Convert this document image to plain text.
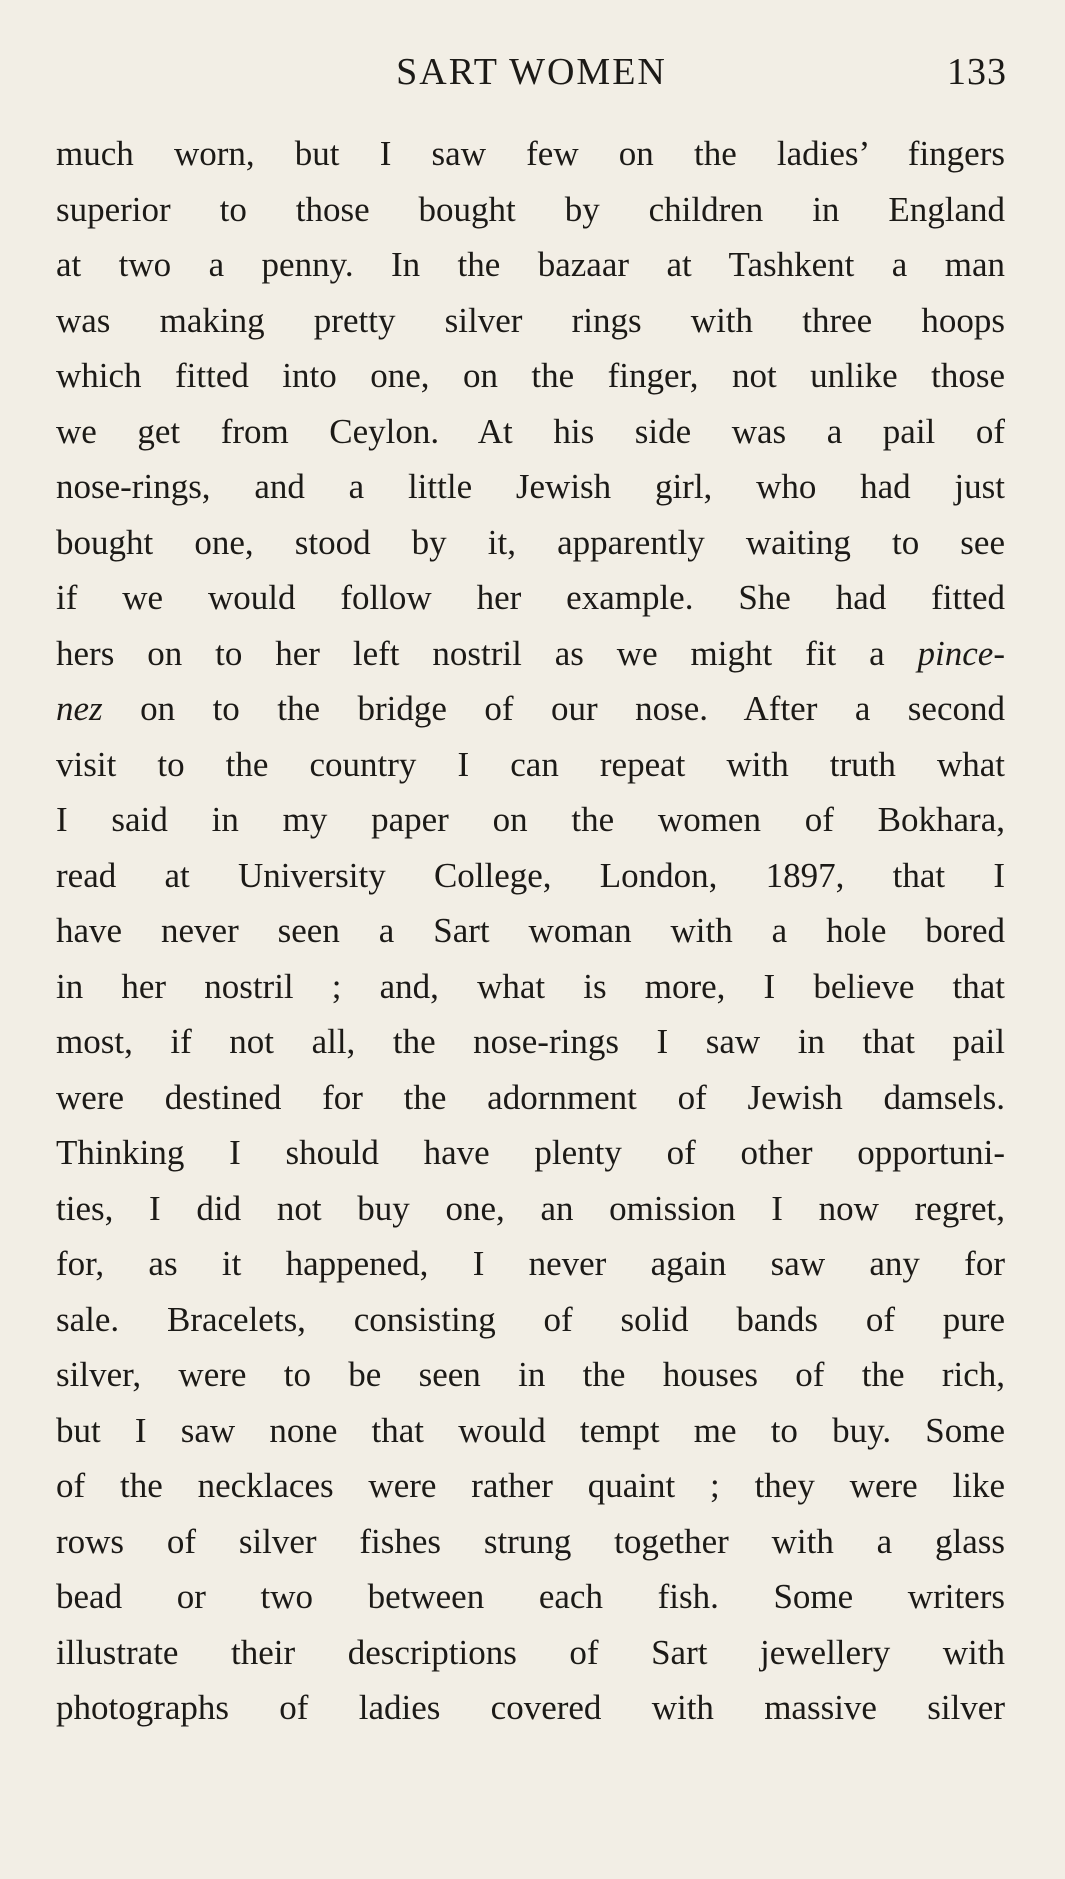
SART WOMEN	133
much worn, but I saw few on the ladies’ fingers
superior to those bought by children in England
at two a penny. In the bazaar at Tashkent a man
was making pretty silver rings with three hoops
which fitted into one, on the finger, not unlike those
we get from Ceylon. At his side was a pail of
nose-rings, and a little Jewish girl, who had just
bought one, stood by it, apparently waiting to see
if we would follow her example. She had fitted
hers on to her left nostril as we might fit a pince-
nez on to the bridge of our nose. After a second
visit to the country I can repeat with truth what
I said in my paper on the women of Bokhara,
read at University College, London, 1897, that I
have never seen a Sart woman with a hole bored
in her nostril ; and, what is more, I believe that
most, if not all, the nose-rings I saw in that pail
were destined for the adornment of Jewish damsels.
Thinking I should have plenty of other opportuni-
ties, I did not buy one, an omission I now regret,
for, as it happened, I never again saw any for
sale. Bracelets, consisting of solid bands of pure
silver, were to be seen in the houses of the rich,
but I saw none that would tempt me to buy. Some
of the necklaces were rather quaint ; they were like
rows of silver fishes strung together with a glass
bead or two between each fish. Some writers
illustrate their descriptions of Sart jewellery with
photographs of ladies covered with massive silver
